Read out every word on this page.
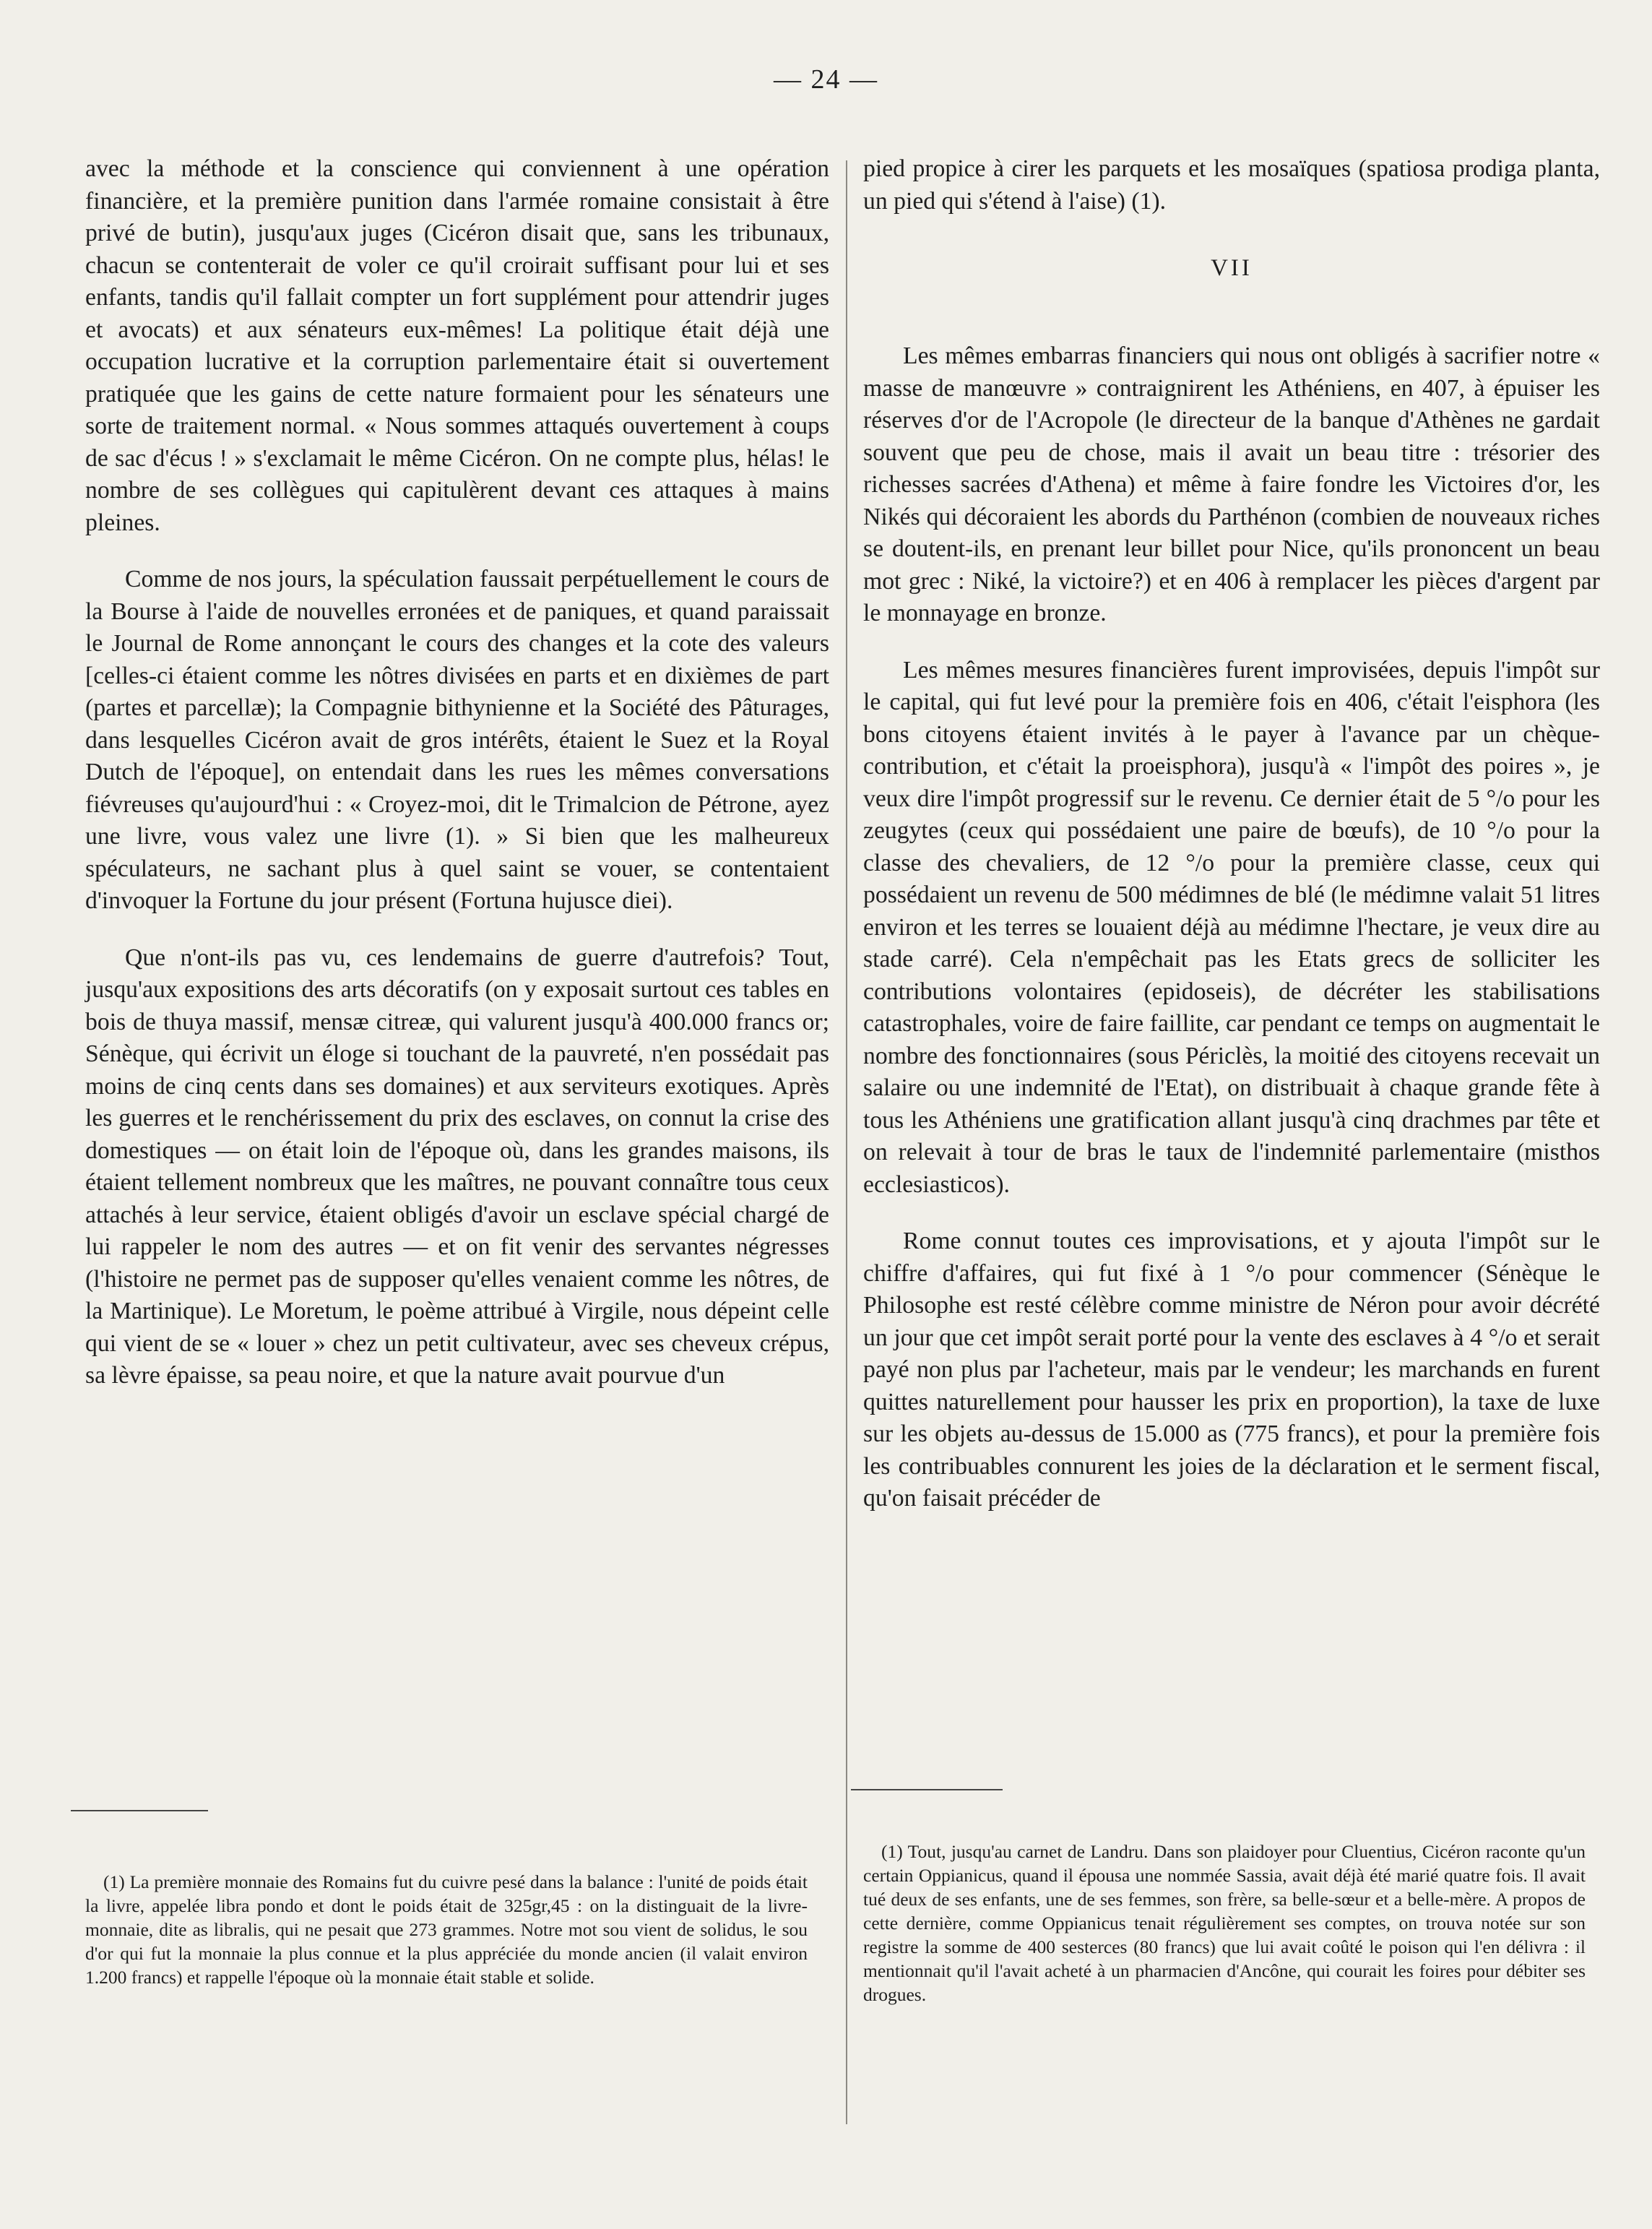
— 24 —

avec la méthode et la conscience qui conviennent à une opération financière, et la première punition dans l'armée romaine consistait à être privé de butin), jusqu'aux juges (Cicéron disait que, sans les tribunaux, chacun se contenterait de voler ce qu'il croirait suffisant pour lui et ses enfants, tandis qu'il fallait compter un fort supplément pour attendrir juges et avocats) et aux sénateurs eux-mêmes! La politique était déjà une occupation lucrative et la corruption parlementaire était si ouvertement pratiquée que les gains de cette nature formaient pour les sénateurs une sorte de traitement normal. « Nous sommes attaqués ouvertement à coups de sac d'écus ! » s'exclamait le même Cicéron. On ne compte plus, hélas! le nombre de ses collègues qui capitulèrent devant ces attaques à mains pleines.

Comme de nos jours, la spéculation faussait perpétuellement le cours de la Bourse à l'aide de nouvelles erronées et de paniques, et quand paraissait le Journal de Rome annonçant le cours des changes et la cote des valeurs [celles-ci étaient comme les nôtres divisées en parts et en dixièmes de part (partes et parcellæ); la Compagnie bithynienne et la Société des Pâturages, dans lesquelles Cicéron avait de gros intérêts, étaient le Suez et la Royal Dutch de l'époque], on entendait dans les rues les mêmes conversations fiévreuses qu'aujourd'hui : « Croyez-moi, dit le Trimalcion de Pétrone, ayez une livre, vous valez une livre (1). » Si bien que les malheureux spéculateurs, ne sachant plus à quel saint se vouer, se contentaient d'invoquer la Fortune du jour présent (Fortuna hujusce diei).

Que n'ont-ils pas vu, ces lendemains de guerre d'autrefois? Tout, jusqu'aux expositions des arts décoratifs (on y exposait surtout ces tables en bois de thuya massif, mensæ citreæ, qui valurent jusqu'à 400.000 francs or; Sénèque, qui écrivit un éloge si touchant de la pauvreté, n'en possédait pas moins de cinq cents dans ses domaines) et aux serviteurs exotiques. Après les guerres et le renchérissement du prix des esclaves, on connut la crise des domestiques — on était loin de l'époque où, dans les grandes maisons, ils étaient tellement nombreux que les maîtres, ne pouvant connaître tous ceux attachés à leur service, étaient obligés d'avoir un esclave spécial chargé de lui rappeler le nom des autres — et on fit venir des servantes négresses (l'histoire ne permet pas de supposer qu'elles venaient comme les nôtres, de la Martinique). Le Moretum, le poème attribué à Virgile, nous dépeint celle qui vient de se « louer » chez un petit cultivateur, avec ses cheveux crépus, sa lèvre épaisse, sa peau noire, et que la nature avait pourvue d'un

pied propice à cirer les parquets et les mosaïques (spatiosa prodiga planta, un pied qui s'étend à l'aise) (1).

VII

Les mêmes embarras financiers qui nous ont obligés à sacrifier notre « masse de manœuvre » contraignirent les Athéniens, en 407, à épuiser les réserves d'or de l'Acropole (le directeur de la banque d'Athènes ne gardait souvent que peu de chose, mais il avait un beau titre : trésorier des richesses sacrées d'Athena) et même à faire fondre les Victoires d'or, les Nikés qui décoraient les abords du Parthénon (combien de nouveaux riches se doutent-ils, en prenant leur billet pour Nice, qu'ils prononcent un beau mot grec : Niké, la victoire?) et en 406 à remplacer les pièces d'argent par le monnayage en bronze.

Les mêmes mesures financières furent improvisées, depuis l'impôt sur le capital, qui fut levé pour la première fois en 406, c'était l'eisphora (les bons citoyens étaient invités à le payer à l'avance par un chèque-contribution, et c'était la proeisphora), jusqu'à « l'impôt des poires », je veux dire l'impôt progressif sur le revenu. Ce dernier était de 5 °/o pour les zeugytes (ceux qui possédaient une paire de bœufs), de 10 °/o pour la classe des chevaliers, de 12 °/o pour la première classe, ceux qui possédaient un revenu de 500 médimnes de blé (le médimne valait 51 litres environ et les terres se louaient déjà au médimne l'hectare, je veux dire au stade carré). Cela n'empêchait pas les Etats grecs de solliciter les contributions volontaires (epidoseis), de décréter les stabilisations catastrophales, voire de faire faillite, car pendant ce temps on augmentait le nombre des fonctionnaires (sous Périclès, la moitié des citoyens recevait un salaire ou une indemnité de l'Etat), on distribuait à chaque grande fête à tous les Athéniens une gratification allant jusqu'à cinq drachmes par tête et on relevait à tour de bras le taux de l'indemnité parlementaire (misthos ecclesiasticos).

Rome connut toutes ces improvisations, et y ajouta l'impôt sur le chiffre d'affaires, qui fut fixé à 1 °/o pour commencer (Sénèque le Philosophe est resté célèbre comme ministre de Néron pour avoir décrété un jour que cet impôt serait porté pour la vente des esclaves à 4 °/o et serait payé non plus par l'acheteur, mais par le vendeur; les marchands en furent quittes naturellement pour hausser les prix en proportion), la taxe de luxe sur les objets au-dessus de 15.000 as (775 francs), et pour la première fois les contribuables connurent les joies de la déclaration et le serment fiscal, qu'on faisait précéder de

(1) La première monnaie des Romains fut du cuivre pesé dans la balance : l'unité de poids était la livre, appelée libra pondo et dont le poids était de 325gr,45 : on la distinguait de la livre-monnaie, dite as libralis, qui ne pesait que 273 grammes. Notre mot sou vient de solidus, le sou d'or qui fut la monnaie la plus connue et la plus appréciée du monde ancien (il valait environ 1.200 francs) et rappelle l'époque où la monnaie était stable et solide.
(1) Tout, jusqu'au carnet de Landru. Dans son plaidoyer pour Cluentius, Cicéron raconte qu'un certain Oppianicus, quand il épousa une nommée Sassia, avait déjà été marié quatre fois. Il avait tué deux de ses enfants, une de ses femmes, son frère, sa belle-sœur et a belle-mère. A propos de cette dernière, comme Oppianicus tenait régulièrement ses comptes, on trouva notée sur son registre la somme de 400 sesterces (80 francs) que lui avait coûté le poison qui l'en délivra : il mentionnait qu'il l'avait acheté à un pharmacien d'Ancône, qui courait les foires pour débiter ses drogues.
